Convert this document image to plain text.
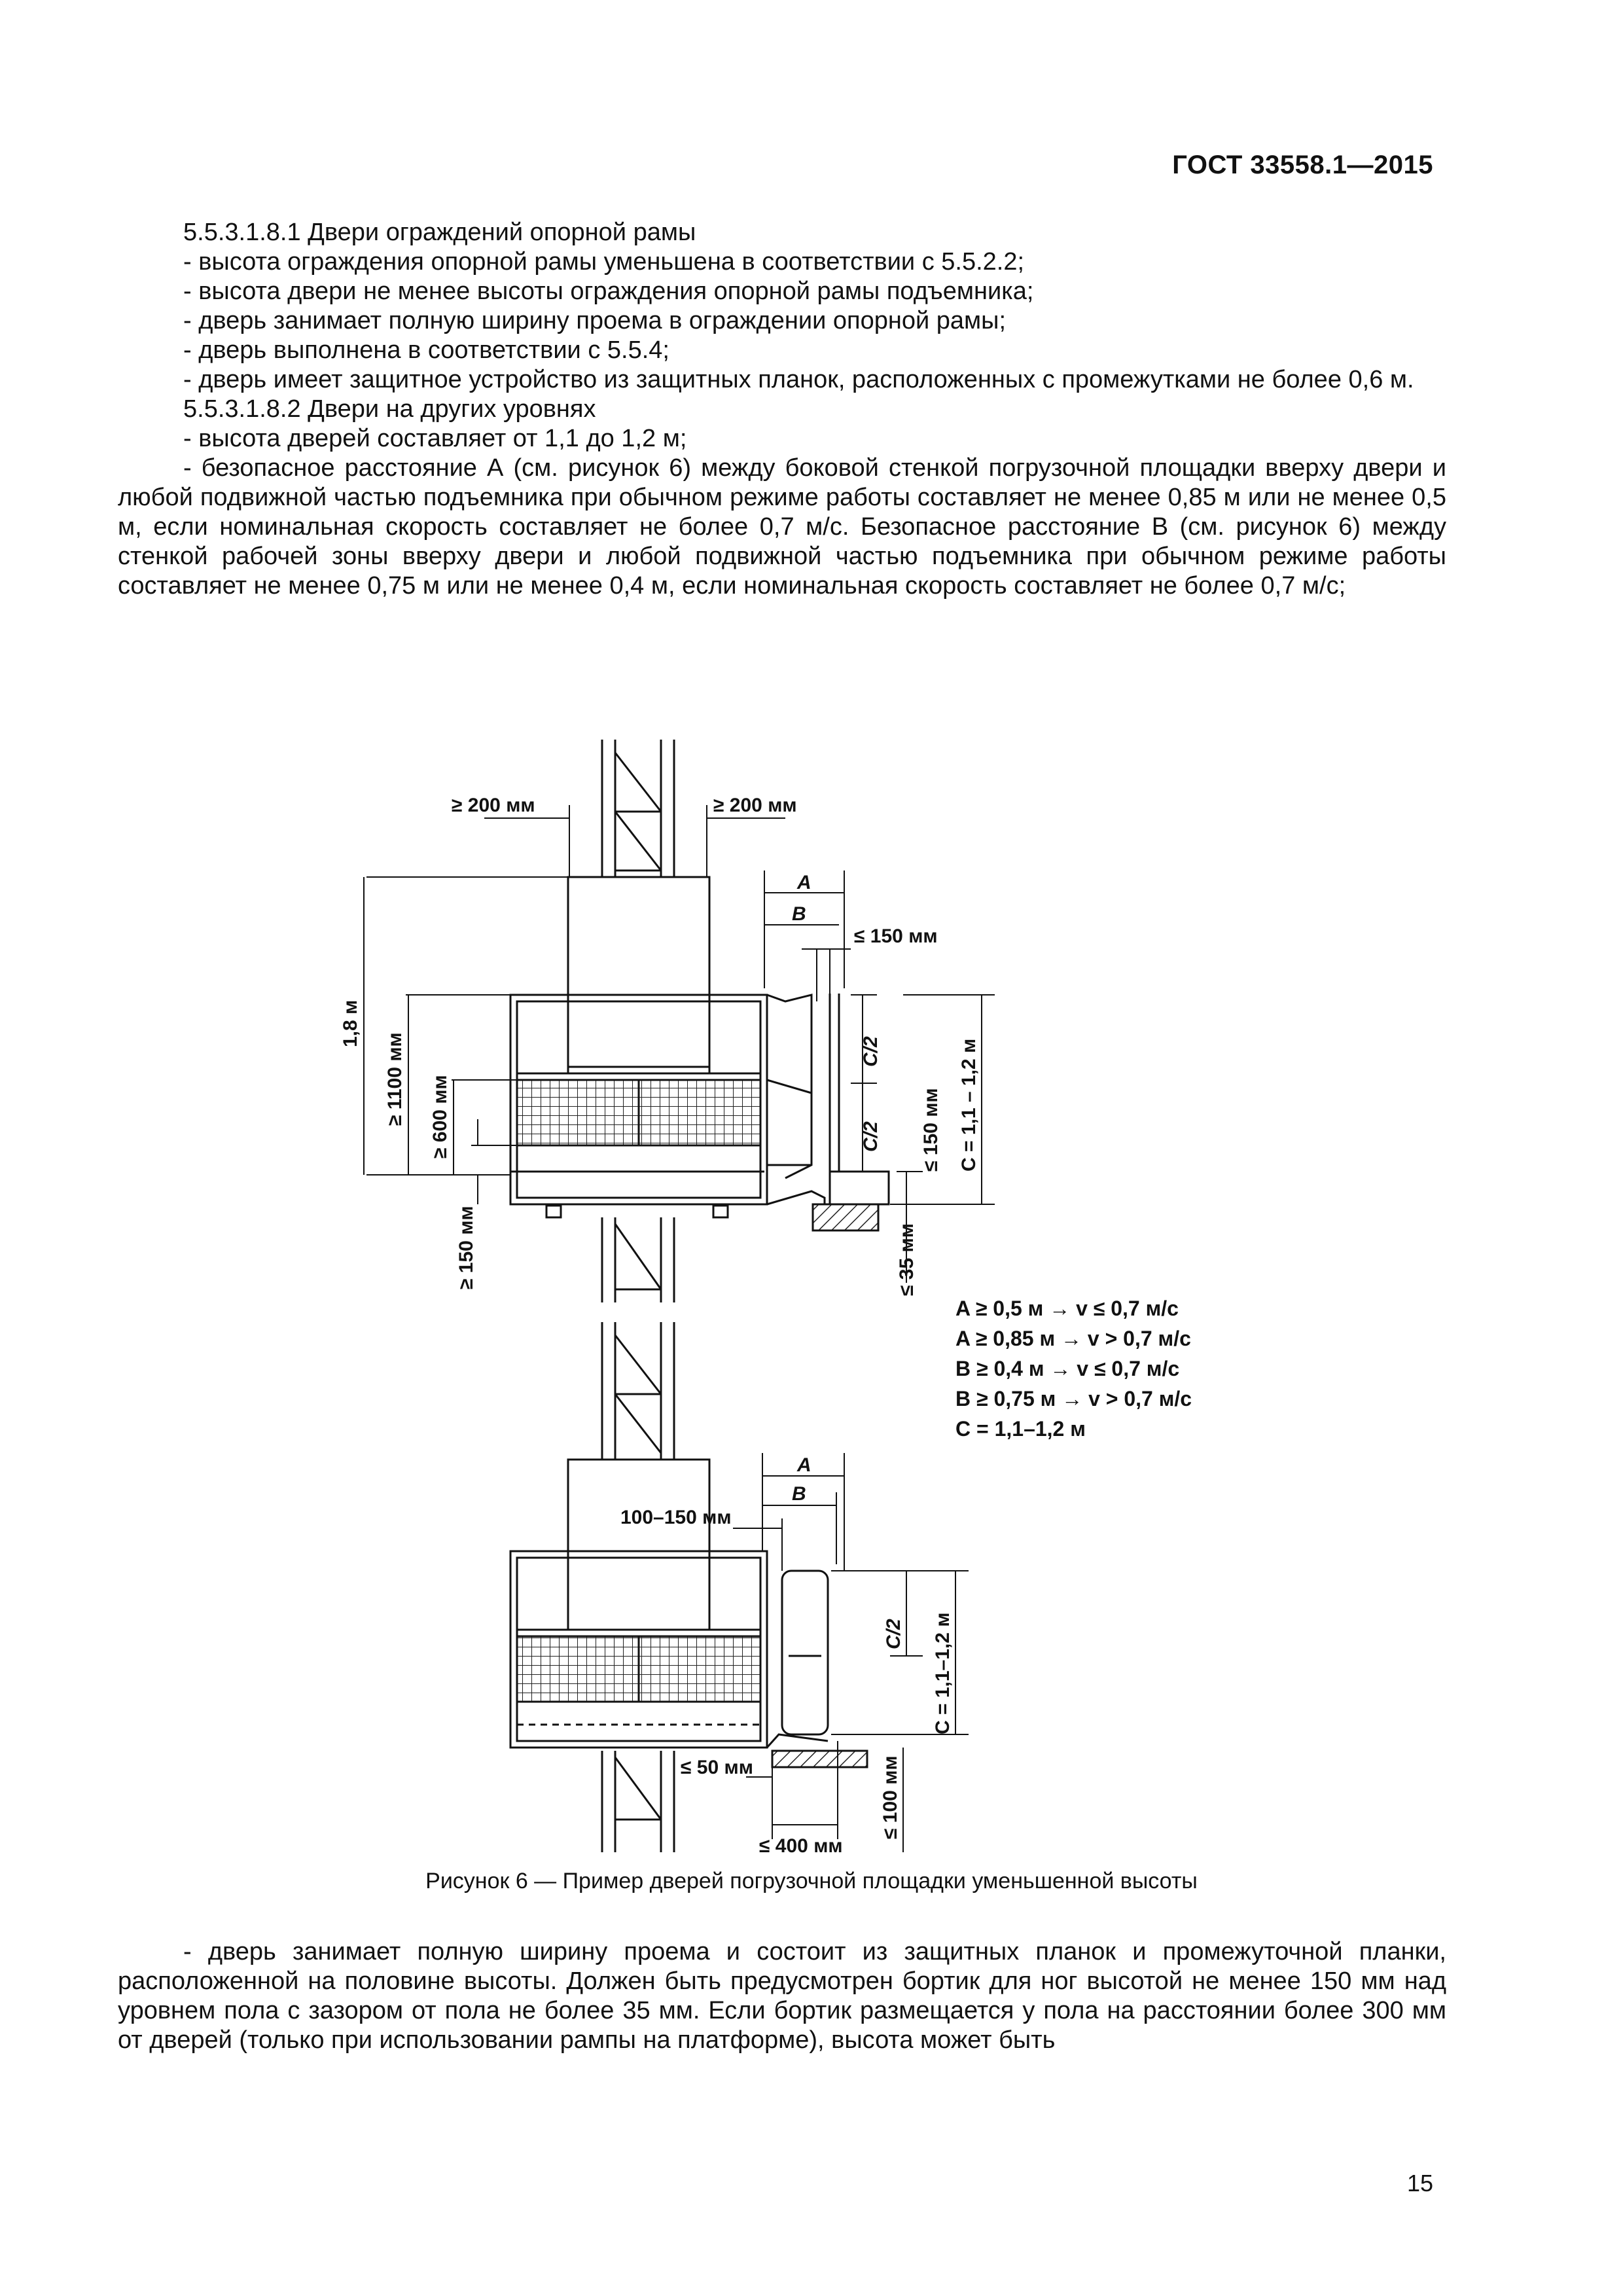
ГОСТ 33558.1—2015

5.5.3.1.8.1 Двери ограждений опорной рамы

- высота ограждения опорной рамы уменьшена в соответствии с 5.5.2.2;

- высота двери не менее высоты ограждения опорной рамы подъемника;

- дверь занимает полную ширину проема в ограждении опорной рамы;

- дверь выполнена в соответствии с 5.5.4;

- дверь имеет защитное устройство из защитных планок, расположенных с промежутками не более 0,6 м.

5.5.3.1.8.2 Двери на других уровнях

- высота дверей составляет от 1,1 до 1,2 м;

- безопасное расстояние А (см. рисунок 6) между боковой стенкой погрузочной площадки вверху двери и любой подвижной частью подъемника при обычном режиме работы составляет не менее 0,85 м или не менее 0,5 м, если номинальная скорость составляет не более 0,7 м/с. Безопасное расстояние В (см. рисунок 6) между стенкой рабочей зоны вверху двери и любой подвижной частью подъемника при обычном режиме работы составляет не менее 0,75 м или не менее 0,4 м, если номинальная скорость составляет не более 0,7 м/с;

≥ 200 мм	≥ 200 мм
A
B
≤ 150 мм
1,8 м
≥ 1100 мм ≥ 600 мм
C/2
C/2 ≤ 150 мм C = 1,1 – 1,2 м
≥ 150 мм	≤ 35 мм
A ≥ 0,5 м → v ≤ 0,7 м/с
A ≥ 0,85 м → v > 0,7 м/с
B ≥ 0,4 м → v ≤ 0,7 м/с
B ≥ 0,75 м → v > 0,7 м/с
C = 1,1–1,2 м
A
B
100–150 мм
C/2 C = 1,1–1,2 м
≤ 50 мм
≤ 400 мм
≤ 100 мм
Рисунок 6 — Пример дверей погрузочной площадки уменьшенной высоты

- дверь занимает полную ширину проема и состоит из защитных планок и промежуточной планки, расположенной на половине высоты. Должен быть предусмотрен бортик для ног высотой не менее 150 мм над уровнем пола с зазором от пола не более 35 мм. Если бортик размещается у пола на расстоянии более 300 мм от дверей (только при использовании рампы на платформе), высота может быть

15
